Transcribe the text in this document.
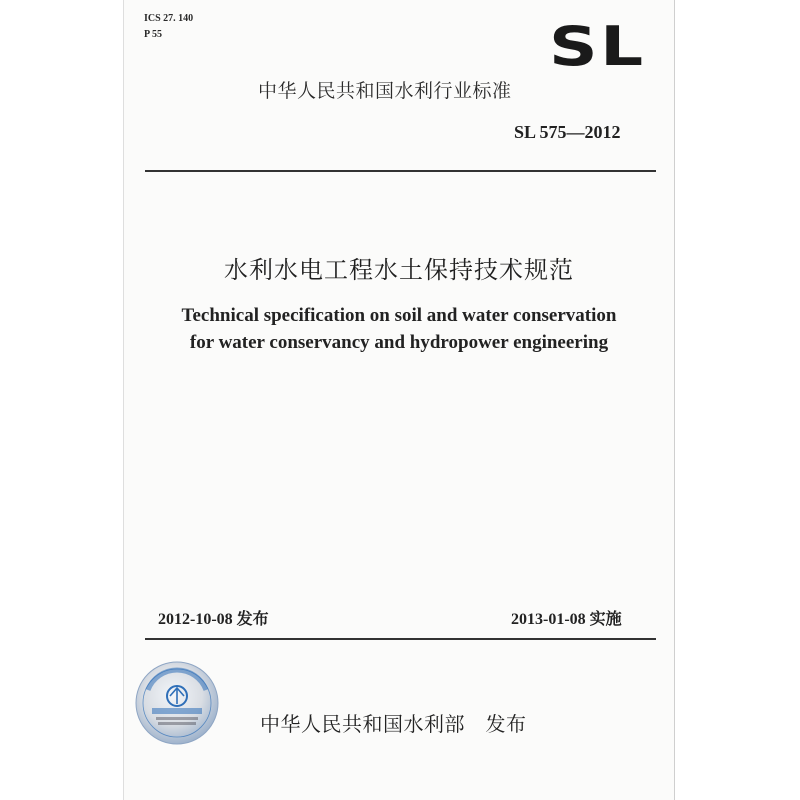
ICS 27. 140
P 55	SL
中华人民共和国水利行业标准
SL 575—2012
水利水电工程水土保持技术规范
Technical specification on soil and water conservation
for water conservancy and hydropower engineering
2012-10-08 发布	2013-01-08 实施
中华人民共和国水利部　发布
